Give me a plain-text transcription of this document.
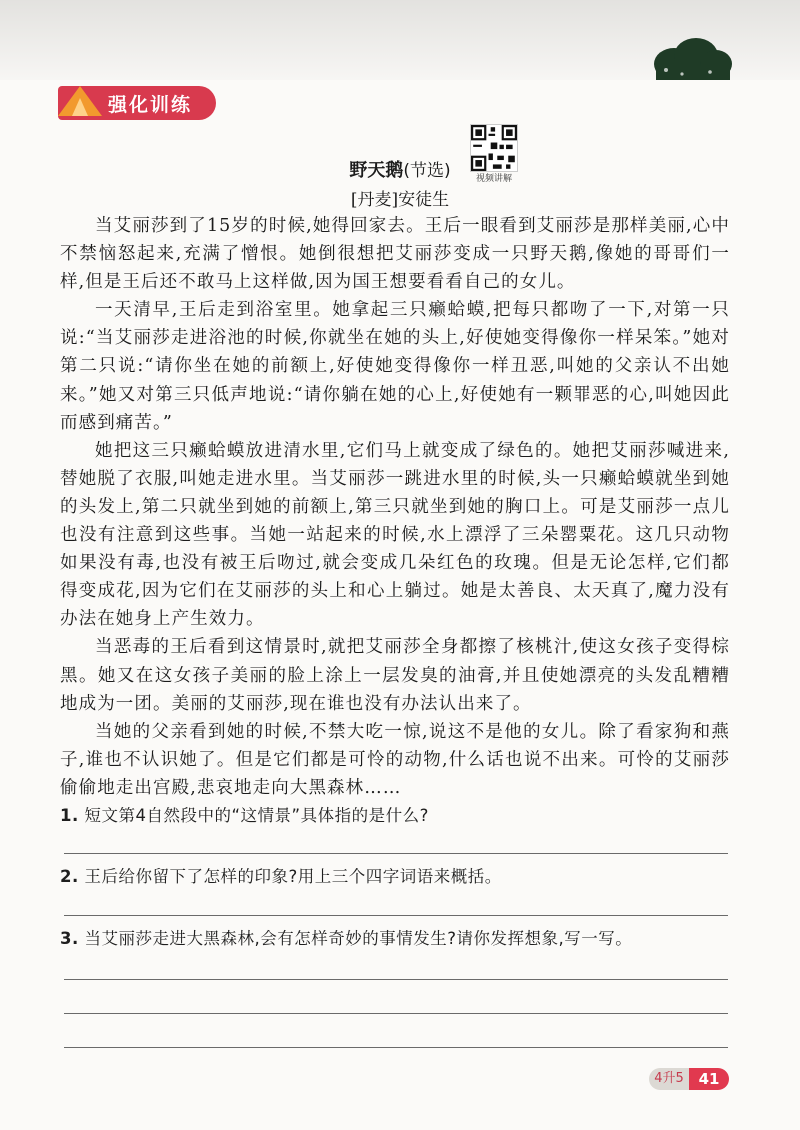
强化训练
视频讲解
野天鹅(节选)
[丹麦]安徒生

当艾丽莎到了15岁的时候,她得回家去。王后一眼看到艾丽莎是那样美丽,心中不禁恼怒起来,充满了憎恨。她倒很想把艾丽莎变成一只野天鹅,像她的哥哥们一样,但是王后还不敢马上这样做,因为国王想要看看自己的女儿。

一天清早,王后走到浴室里。她拿起三只癞蛤蟆,把每只都吻了一下,对第一只说:“当艾丽莎走进浴池的时候,你就坐在她的头上,好使她变得像你一样呆笨。”她对第二只说:“请你坐在她的前额上,好使她变得像你一样丑恶,叫她的父亲认不出她来。”她又对第三只低声地说:“请你躺在她的心上,好使她有一颗罪恶的心,叫她因此而感到痛苦。”

她把这三只癞蛤蟆放进清水里,它们马上就变成了绿色的。她把艾丽莎喊进来,替她脱了衣服,叫她走进水里。当艾丽莎一跳进水里的时候,头一只癞蛤蟆就坐到她的头发上,第二只就坐到她的前额上,第三只就坐到她的胸口上。可是艾丽莎一点儿也没有注意到这些事。当她一站起来的时候,水上漂浮了三朵罂粟花。这几只动物如果没有毒,也没有被王后吻过,就会变成几朵红色的玫瑰。但是无论怎样,它们都得变成花,因为它们在艾丽莎的头上和心上躺过。她是太善良、太天真了,魔力没有办法在她身上产生效力。

当恶毒的王后看到这情景时,就把艾丽莎全身都擦了核桃汁,使这女孩子变得棕黑。她又在这女孩子美丽的脸上涂上一层发臭的油膏,并且使她漂亮的头发乱糟糟地成为一团。美丽的艾丽莎,现在谁也没有办法认出来了。

当她的父亲看到她的时候,不禁大吃一惊,说这不是他的女儿。除了看家狗和燕子,谁也不认识她了。但是它们都是可怜的动物,什么话也说不出来。可怜的艾丽莎偷偷地走出宫殿,悲哀地走向大黑森林……

1. 短文第4自然段中的“这情景”具体指的是什么?
2. 王后给你留下了怎样的印象?用上三个四字词语来概括。
3. 当艾丽莎走进大黑森林,会有怎样奇妙的事情发生?请你发挥想象,写一写。
4升5 41
